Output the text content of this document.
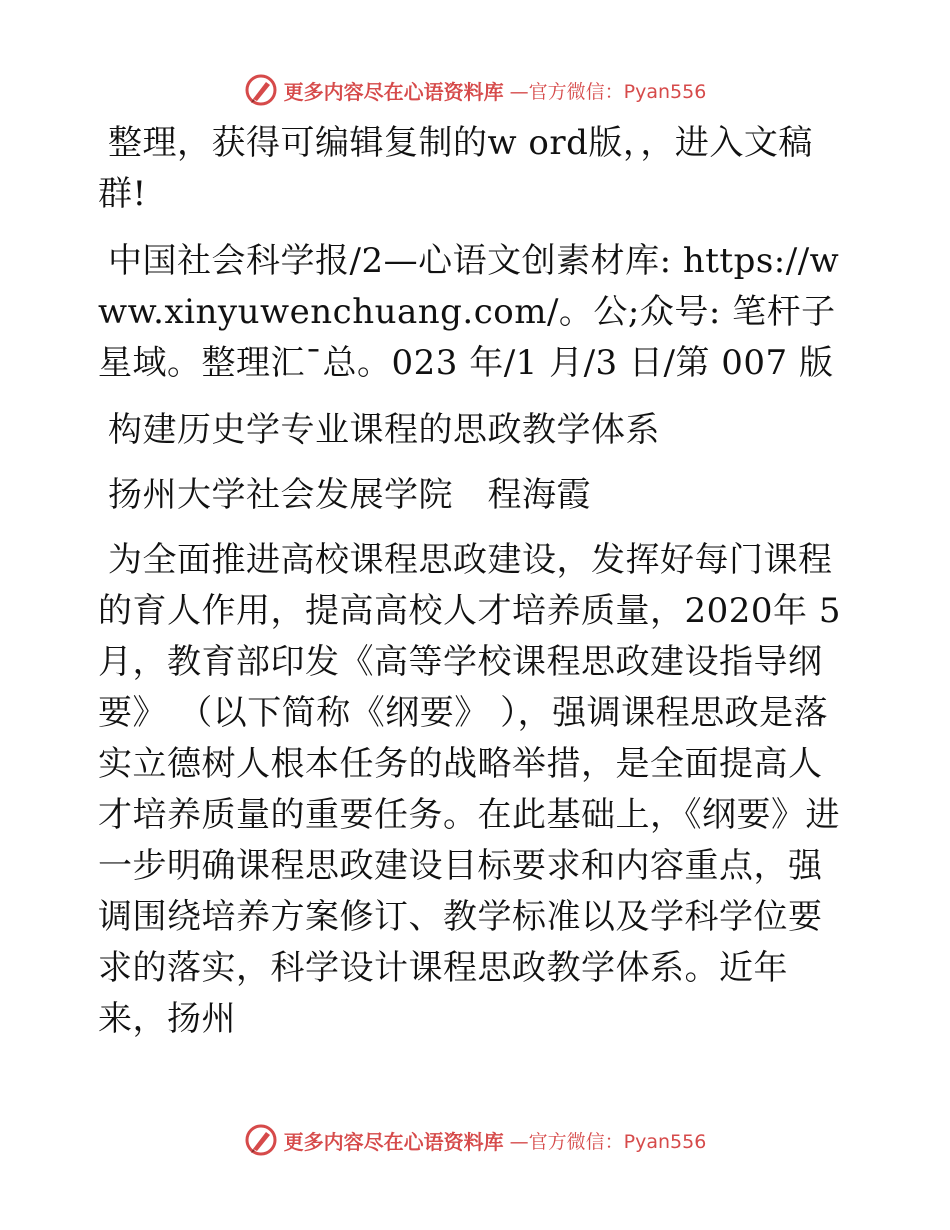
更多内容尽在心语资料库 —官方微信：Pyan556

整理，获得可编辑复制的w ord版，，进入文稿群!

中国社会科学报/2—心语文创素材库: https://www.xinyuwenchuang.com/。公;众号: 笔杆子星域。整理汇¯总。023 年/1 月/3 日/第 007 版

构建历史学专业课程的思政教学体系

扬州大学社会发展学院　程海霞

为全面推进高校课程思政建设，发挥好每门课程的育人作用，提高高校人才培养质量，2020年 5月，教育部印发《高等学校课程思政建设指导纲要》 （以下简称《纲要》 ），强调课程思政是落实立德树人根本任务的战略举措，是全面提高人才培养质量的重要任务。在此基础上，《纲要》进一步明确课程思政建设目标要求和内容重点，强调围绕培养方案修订、教学标准以及学科学位要求的落实，科学设计课程思政教学体系。近年来，扬州

更多内容尽在心语资料库 —官方微信：Pyan556
